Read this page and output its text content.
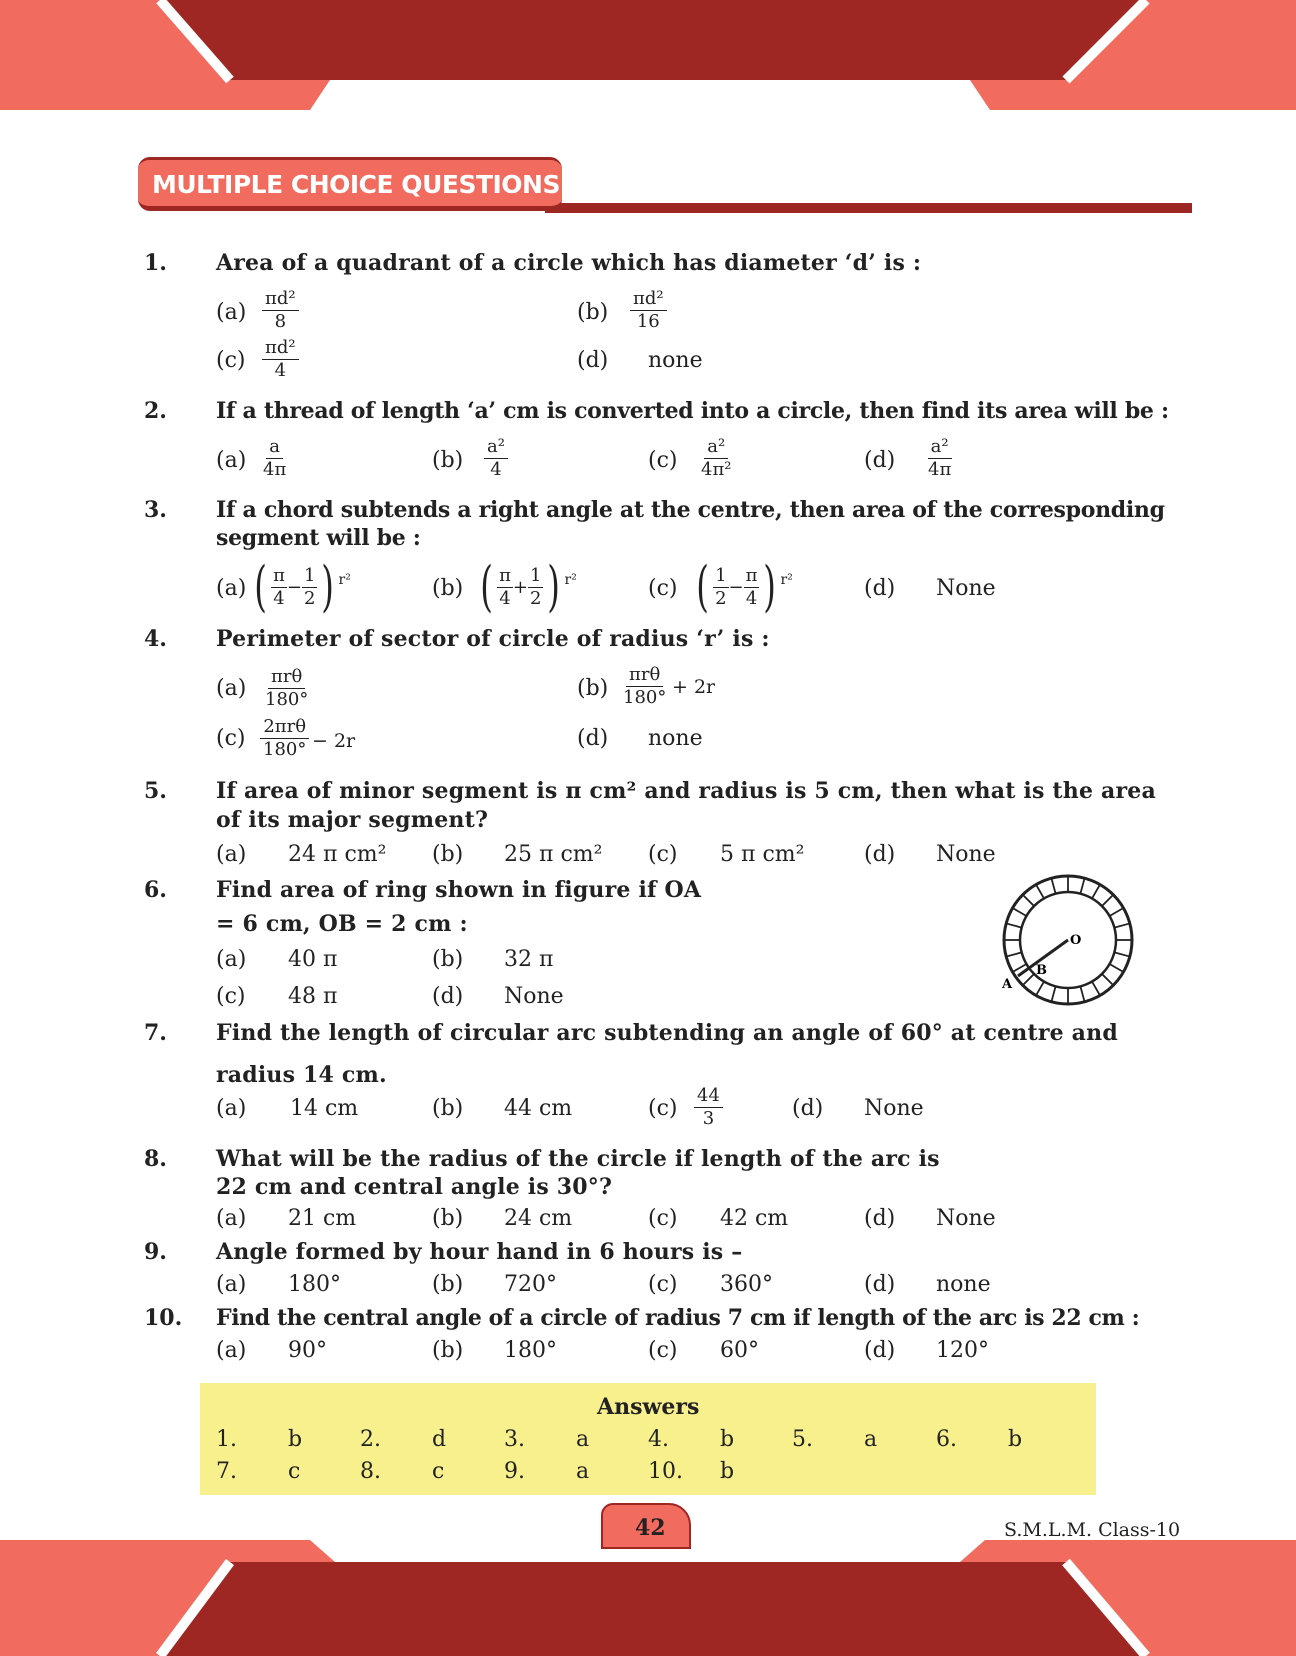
MULTIPLE CHOICE QUESTIONS
1. Area of a quadrant of a circle which has diameter ‘d’ is :
$(a) \frac{\text{πd²}}{8}$	$(b) \frac{\text{πd²}}{16}$
$(c) \frac{\text{πd²}}{4}$	(d) none
2. If a thread of length ‘a’ cm is converted into a circle, then find its area will be :
$(a) \frac{a}{4\pi}$	$(b) \frac{\text{a²}}{4}$	$(c) \frac{\text{a²}}{\text{4π²}}$	$(d) \frac{\text{a²}}{4\pi}$
3. If a chord subtends a right angle at the centre, then area of the corresponding
segment will be :
(a) ( $\frac{\pi}{4} - \frac{1}{2}$ ) r²	(b) ( $\frac{\pi}{4} + \frac{1}{2}$ ) r²	(c) ( $\frac{1}{2} - \frac{\pi}{4}$ ) r²	(d) None
4. Perimeter of sector of circle of radius ‘r’ is :
(a) πrθ
180°	(b)
πrθ
180° + 2r
(c) 2πrθ
180° − 2r	(d) none
5. If area of minor segment is π cm² and radius is 5 cm, then what is the area
of its major segment?
(a) 24 π cm² (b) 25 π cm² (c) 5 π cm²	(d) None
6. Find area of ring shown in figure if OA
= 6 cm, OB = 2 cm :
(a) 40 π	(b) 32 π
(c) 48 π	(d) None
O
B
A
7. Find the length of circular arc subtending an angle of 60° at centre and
radius 14 cm.
(a) 14 cm	(b) 44 cm	$(c) \frac{44}{3}$	(d) None
8. What will be the radius of the circle if length of the arc is
22 cm and central angle is 30°?
(a) 21 cm	(b) 24 cm	(c) 42 cm	(d) None
9. Angle formed by hour hand in 6 hours is –
(a) 180°	(b) 720°	(c) 360°	(d) none
10. Find the central angle of a circle of radius 7 cm if length of the arc is 22 cm :
(a) 90°	(b) 180°	(c) 60°	(d) 120°
Answers
1. b	2. d	3. a	4. b	5. a	6. b
7. c	8. c	9. a	10. b
42	S.M.L.M. Class-10
